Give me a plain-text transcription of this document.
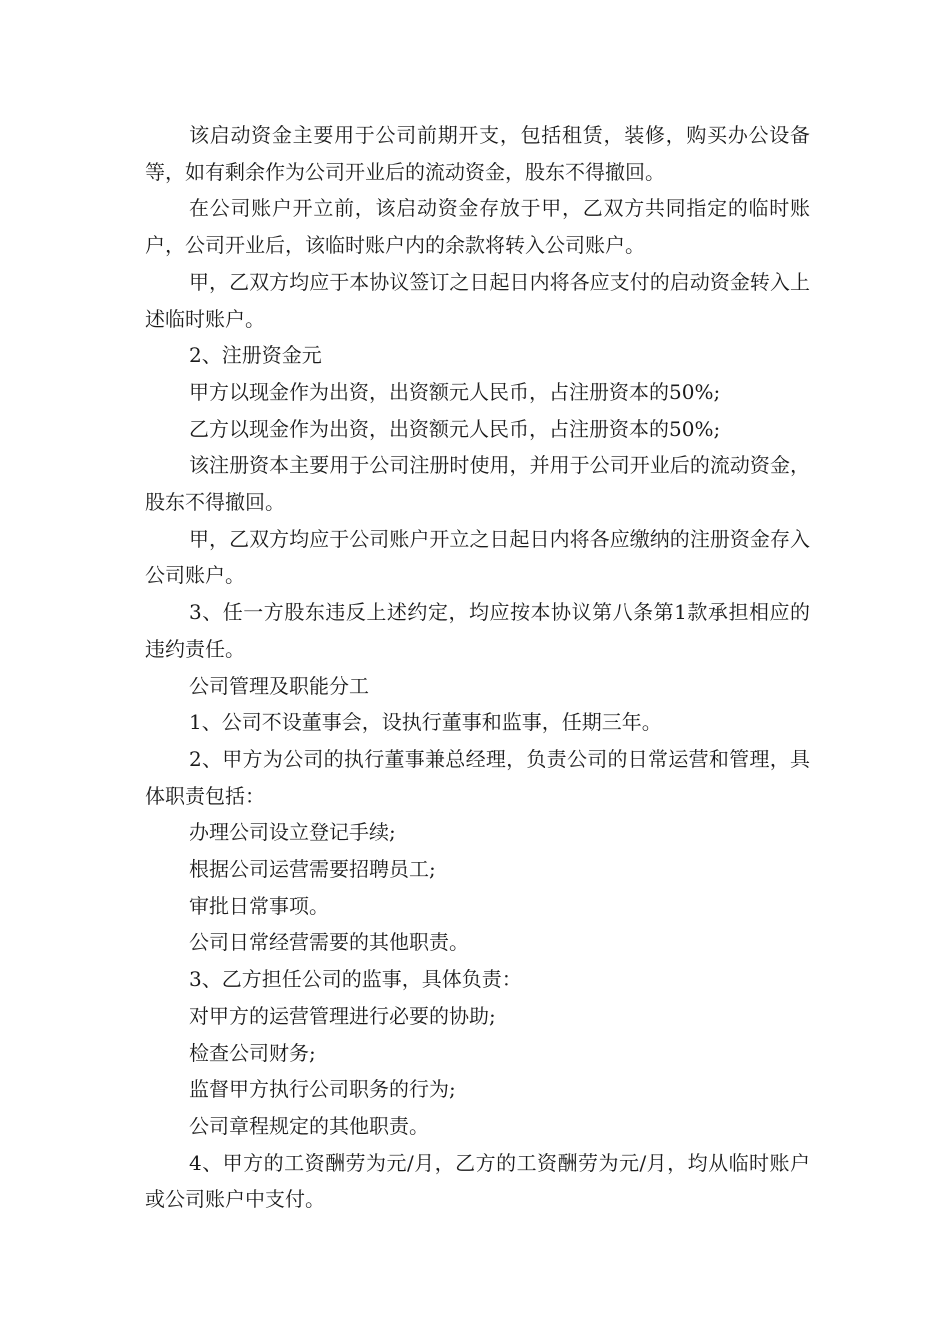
该启动资金主要用于公司前期开支，包括租赁，装修，购买办公设备等，如有剩余作为公司开业后的流动资金，股东不得撤回。

在公司账户开立前，该启动资金存放于甲，乙双方共同指定的临时账户，公司开业后，该临时账户内的余款将转入公司账户。

甲，乙双方均应于本协议签订之日起日内将各应支付的启动资金转入上述临时账户。

2、注册资金元

甲方以现金作为出资，出资额元人民币，占注册资本的50%;

乙方以现金作为出资，出资额元人民币，占注册资本的50%;

该注册资本主要用于公司注册时使用，并用于公司开业后的流动资金，股东不得撤回。

甲，乙双方均应于公司账户开立之日起日内将各应缴纳的注册资金存入公司账户。

3、任一方股东违反上述约定，均应按本协议第八条第1款承担相应的违约责任。

公司管理及职能分工

1、公司不设董事会，设执行董事和监事，任期三年。

2、甲方为公司的执行董事兼总经理，负责公司的日常运营和管理，具体职责包括：

办理公司设立登记手续;

根据公司运营需要招聘员工;

审批日常事项。

公司日常经营需要的其他职责。

3、乙方担任公司的监事，具体负责：

对甲方的运营管理进行必要的协助;

检查公司财务;

监督甲方执行公司职务的行为;

公司章程规定的其他职责。

4、甲方的工资酬劳为元/月，乙方的工资酬劳为元/月，均从临时账户或公司账户中支付。
